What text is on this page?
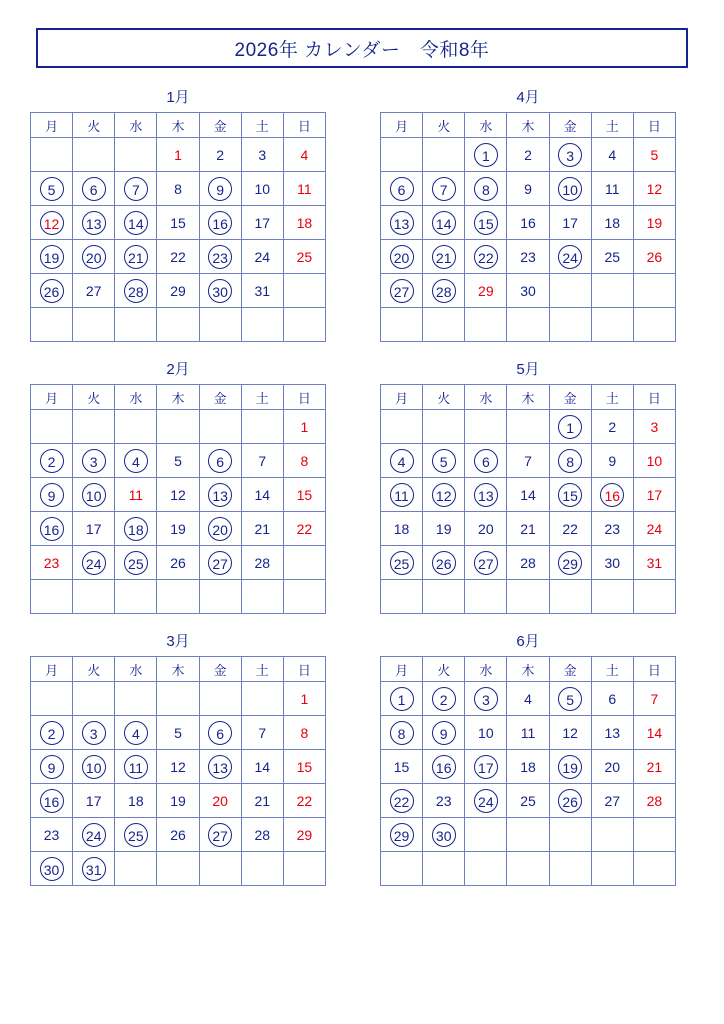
2026年 カレンダー　令和8年
1月
月	火	水	木	金	土	日
			1	2	3	4
5	6	7	8	9	10	11
12	13	14	15	16	17	18
19	20	21	22	23	24	25
26	27	28	29	30	31	

4月
月	火	水	木	金	土	日
		1	2	3	4	5
6	7	8	9	10	11	12
13	14	15	16	17	18	19
20	21	22	23	24	25	26
27	28	29	30			

2月
月	火	水	木	金	土	日
						1
2	3	4	5	6	7	8
9	10	11	12	13	14	15
16	17	18	19	20	21	22
23	24	25	26	27	28	

5月
月	火	水	木	金	土	日
				1	2	3
4	5	6	7	8	9	10
11	12	13	14	15	16	17
18	19	20	21	22	23	24
25	26	27	28	29	30	31

3月
月	火	水	木	金	土	日
						1
2	3	4	5	6	7	8
9	10	11	12	13	14	15
16	17	18	19	20	21	22
23	24	25	26	27	28	29
30	31					
6月
月	火	水	木	金	土	日
1	2	3	4	5	6	7
8	9	10	11	12	13	14
15	16	17	18	19	20	21
22	23	24	25	26	27	28
29	30					
